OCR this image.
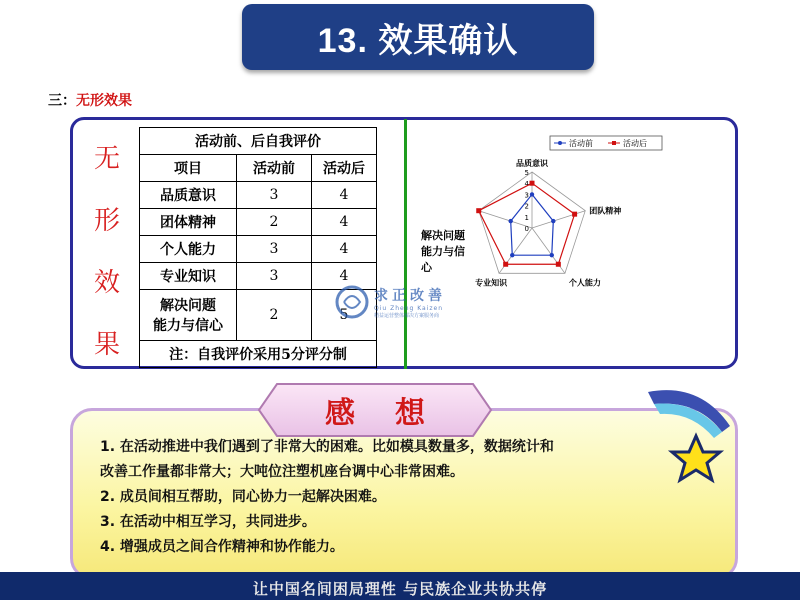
13. 效果确认
三：无形效果
无
形
效
果
活动前、后自我评价		
项目	活动前	活动后
品质意识	3	4
团体精神	2	4
个人能力	3	4
专业知识	3	4

解决问题
能力与信心	2	5
注：自我评价采用5分评分制		
0
1
2
3
4
5
品质意识
团队精神
个人能力
专业知识
活动前	活动后
解决问题
能力与信
心
求正改善
Qiu Zheng Kaizen
精益运营整体解决方案服务商
感想
1. 在活动推进中我们遇到了非常大的困难。比如模具数量多，数据统计和
改善工作量都非常大；大吨位注塑机座台调中心非常困难。
2. 成员间相互帮助，同心协力一起解决困难。
3. 在活动中相互学习，共同进步。
4. 增强成员之间合作精神和协作能力。
让中国名间困局理性 与民族企业共协共停
